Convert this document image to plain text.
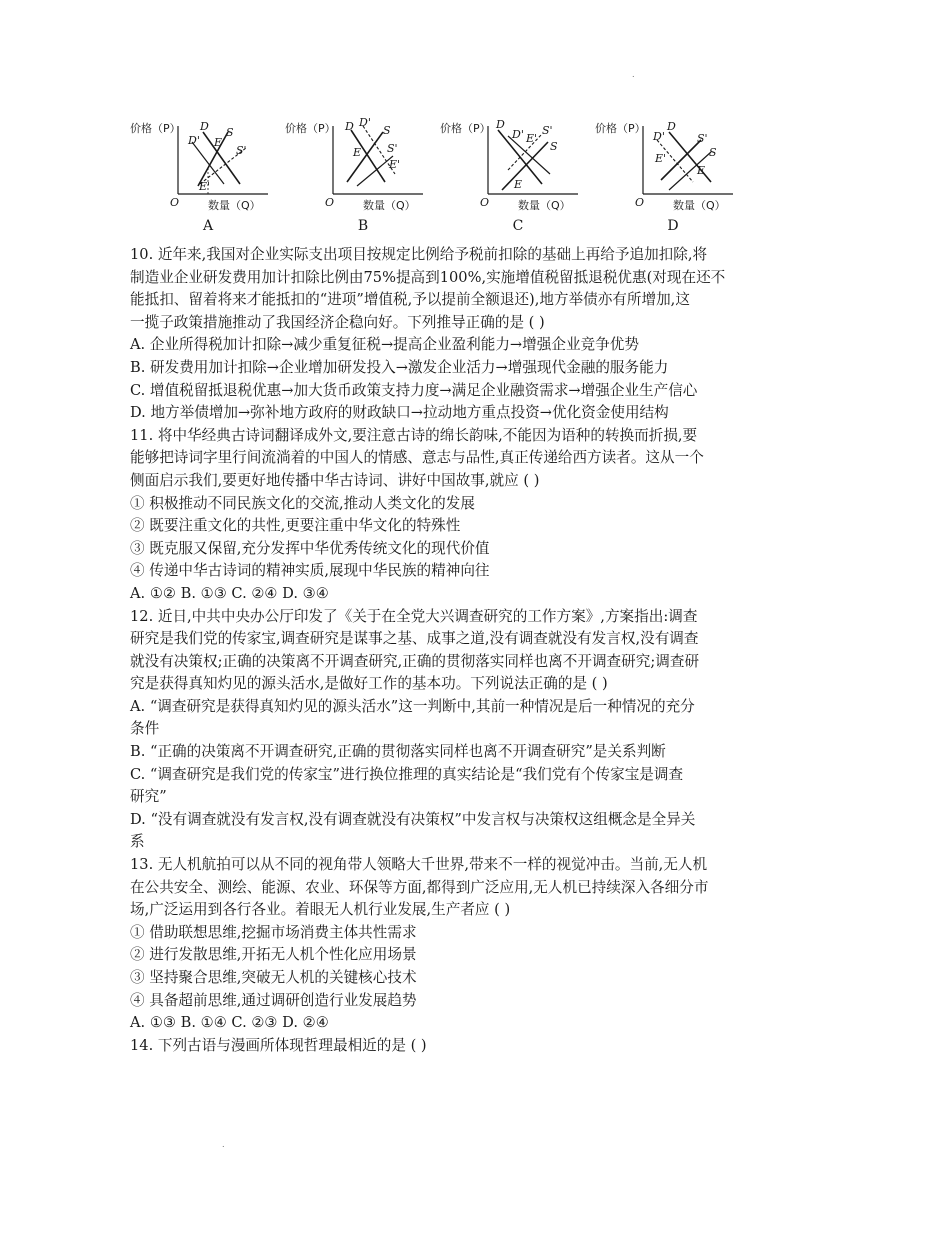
.
价格（P）
O	数量（Q）
D
D' E
S
S'
E'
A
价格（P）
O	数量（Q）
D D'
S
E S'
E'
B
价格（P）
O	数量（Q）
D
D' E'
S'
S
E
C
价格（P）
O	数量（Q）
D
D'	S'
E'	S
E
D
10. 近年来,我国对企业实际支出项目按规定比例给予税前扣除的基础上再给予追加扣除,将
制造业企业研发费用加计扣除比例由75%提高到100%,实施增值税留抵退税优惠(对现在还不
能抵扣、留着将来才能抵扣的“进项”增值税,予以提前全额退还),地方举债亦有所增加,这
一揽子政策措施推动了我国经济企稳向好。下列推导正确的是 ( )
A. 企业所得税加计扣除→减少重复征税→提高企业盈利能力→增强企业竞争优势
B. 研发费用加计扣除→企业增加研发投入→激发企业活力→增强现代金融的服务能力
C. 增值税留抵退税优惠→加大货币政策支持力度→满足企业融资需求→增强企业生产信心
D. 地方举债增加→弥补地方政府的财政缺口→拉动地方重点投资→优化资金使用结构
11. 将中华经典古诗词翻译成外文,要注意古诗的绵长韵味,不能因为语种的转换而折损,要
能够把诗词字里行间流淌着的中国人的情感、意志与品性,真正传递给西方读者。这从一个
侧面启示我们,要更好地传播中华古诗词、讲好中国故事,就应 ( )
① 积极推动不同民族文化的交流,推动人类文化的发展
② 既要注重文化的共性,更要注重中华文化的特殊性
③ 既克服又保留,充分发挥中华优秀传统文化的现代价值
④ 传递中华古诗词的精神实质,展现中华民族的精神向往
A. ①② B. ①③ C. ②④ D. ③④
12. 近日,中共中央办公厅印发了《关于在全党大兴调查研究的工作方案》,方案指出:调查
研究是我们党的传家宝,调查研究是谋事之基、成事之道,没有调查就没有发言权,没有调查
就没有决策权;正确的决策离不开调查研究,正确的贯彻落实同样也离不开调查研究;调查研
究是获得真知灼见的源头活水,是做好工作的基本功。下列说法正确的是 ( )
A. “调查研究是获得真知灼见的源头活水”这一判断中,其前一种情况是后一种情况的充分
条件
B. “正确的决策离不开调查研究,正确的贯彻落实同样也离不开调查研究”是关系判断
C. “调查研究是我们党的传家宝”进行换位推理的真实结论是“我们党有个传家宝是调查
研究”
D. “没有调查就没有发言权,没有调查就没有决策权”中发言权与决策权这组概念是全异关
系
13. 无人机航拍可以从不同的视角带人领略大千世界,带来不一样的视觉冲击。当前,无人机
在公共安全、测绘、能源、农业、环保等方面,都得到广泛应用,无人机已持续深入各细分市
场,广泛运用到各行各业。着眼无人机行业发展,生产者应 ( )
① 借助联想思维,挖掘市场消费主体共性需求
② 进行发散思维,开拓无人机个性化应用场景
③ 坚持聚合思维,突破无人机的关键核心技术
④ 具备超前思维,通过调研创造行业发展趋势
A. ①③ B. ①④ C. ②③ D. ②④
14. 下列古语与漫画所体现哲理最相近的是 ( )
.
